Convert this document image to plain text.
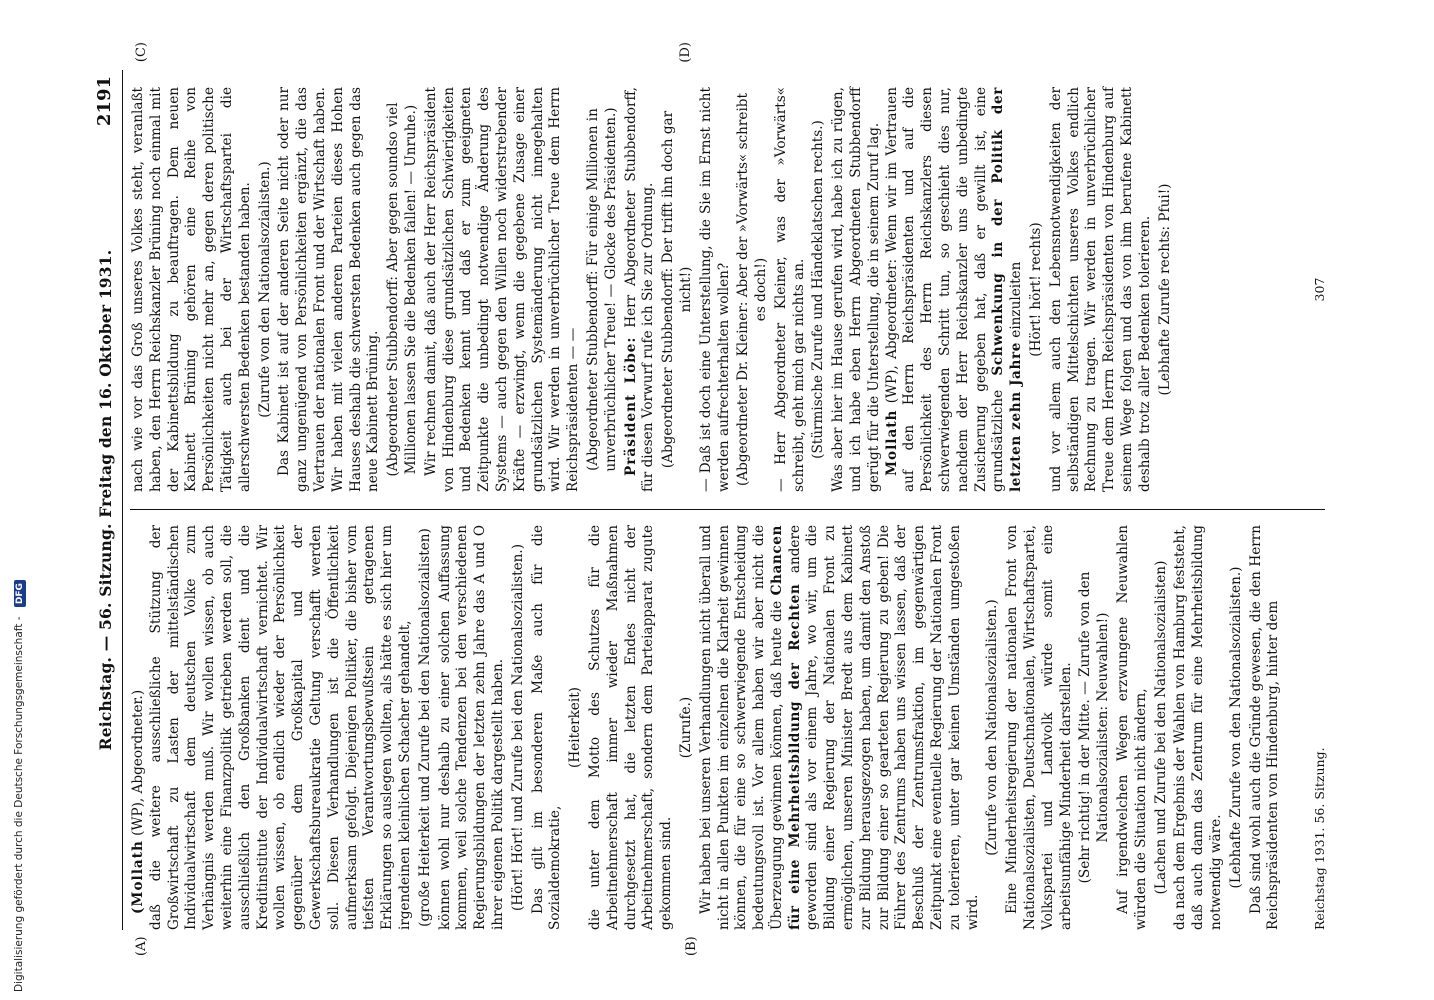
Reichstag. — 56. Sitzung. Freitag den 16. Oktober 1931.
2191
(A)	(B)
(C)	(D)

(Mollath (WP), Abgeordneter.) daß die weitere ausschließliche Stützung der Großwirtschaft zu Lasten der mittelständischen Individualwirtschaft dem deutschen Volke zum Verhängnis werden muß. Wir wollen wissen, ob auch weiterhin eine Finanzpolitik getrieben werden soll, die ausschließlich den Großbanken dient und die Kreditinstitute der Individualwirtschaft vernichtet. Wir wollen wissen, ob endlich wieder der Persönlichkeit gegenüber dem Großkapital und der Gewerkschaftsbureaukratie Geltung verschafft werden soll. Diesen Verhandlungen ist die Öffentlichkeit aufmerksam gefolgt. Diejenigen Politiker, die bisher vom tiefsten Verantwortungsbewußtsein getragenen Erklärungen so auslegen wollten, als hätte es sich hier um irgendeinen kleinlichen Schacher gehandelt, (große Heiterkeit und Zurufe bei den Nationalsozialisten) können wohl nur deshalb zu einer solchen Auffassung kommen, weil solche Tendenzen bei den verschiedenen Regierungsbildungen der letzten zehn Jahre das A und O ihrer eigenen Politik dargestellt haben. (Hört! Hört! und Zurufe bei den Nationalsozialisten.) Das gilt im besonderen Maße auch für die Sozialdemokratie,

(Heiterkeit) die unter dem Motto des Schutzes für die Arbeitnehmerschaft immer wieder Maßnahmen durchgesetzt hat, die letzten Endes nicht der Arbeitnehmerschaft, sondern dem Parteiapparat zugute gekommen sind.

(Zurufe.) Wir haben bei unseren Verhandlungen nicht überall und nicht in allen Punkten im einzelnen die Klarheit gewinnen können, die für eine so schwerwiegende Entscheidung bedeutungsvoll ist. Vor allem haben wir aber nicht die Überzeugung gewinnen können, daß heute die Chancen für eine Mehrheitsbildung der Rechten andere geworden sind als vor einem Jahre, wo wir, um die Bildung einer Regierung der Nationalen Front zu ermöglichen, unseren Minister Bredt aus dem Kabinett zur Bildung herausgezogen haben, um damit den Anstoß zur Bildung einer so gearteten Regierung zu geben! Die Führer des Zentrums haben uns wissen lassen, daß der Beschluß der Zentrumsfraktion, im gegenwärtigen Zeitpunkt eine eventuelle Regierung der Nationalen Front zu tolerieren, unter gar keinen Umständen umgestoßen wird.

(Zurufe von den Nationalsozialisten.) Eine Minderheitsregierung der nationalen Front von Nationalsozialisten, Deutschnationalen, Wirtschaftspartei, Volkspartei und Landvolk würde somit eine arbeitsunfähige Minderheit darstellen. (Sehr richtig! in der Mitte. — Zurufe von den Nationalsozialisten: Neuwahlen!) Auf irgendwelchen Wegen erzwungene Neuwahlen würden die Situation nicht ändern, (Lachen und Zurufe bei den Nationalsozialisten) da nach dem Ergebnis der Wahlen von Hamburg feststeht, daß auch dann das Zentrum für eine Mehrheitsbildung notwendig wäre. (Lebhafte Zurufe von den Nationalsozialisten.) Daß sind wohl auch die Gründe gewesen, die den Herrn Reichspräsidenten von Hindenburg, hinter dem

nach wie vor das Groß unseres Volkes steht, veranlaßt haben, den Herrn Reichskanzler Brüning noch einmal mit der Kabinettsbildung zu beauftragen. Dem neuen Kabinett Brüning gehören eine Reihe von Persönlichkeiten nicht mehr an, gegen deren politische Tätigkeit auch bei der Wirtschaftspartei die allerschwersten Bedenken bestanden haben. (Zurufe von den Nationalsozialisten.) Das Kabinett ist auf der anderen Seite nicht oder nur ganz ungenügend von Persönlichkeiten ergänzt, die das Vertrauen der nationalen Front und der Wirtschaft haben. Wir haben mit vielen anderen Parteien dieses Hohen Hauses deshalb die schwersten Bedenken auch gegen das neue Kabinett Brüning. (Abgeordneter Stubbendorff: Aber gegen soundso viel Millionen lassen Sie die Bedenken fallen! — Unruhe.) Wir rechnen damit, daß auch der Herr Reichspräsident von Hindenburg diese grundsätzlichen Schwierigkeiten und Bedenken kennt und daß er zum geeigneten Zeitpunkte die unbedingt notwendige Änderung des Systems — auch gegen den Willen noch widerstrebender Kräfte — erzwingt, wenn die gegebene Zusage einer grundsätzlichen Systemänderung nicht innegehalten wird. Wir werden in unverbrüchlicher Treue dem Herrn Reichspräsidenten — — (Abgeordneter Stubbendorff: Für einige Millionen in unverbrüchlicher Treue! — Glocke des Präsidenten.) Präsident Löbe: Herr Abgeordneter Stubbendorff, für diesen Vorwurf rufe ich Sie zur Ordnung. (Abgeordneter Stubbendorff: Der trifft ihn doch gar nicht!) — Daß ist doch eine Unterstellung, die Sie im Ernst nicht werden aufrechterhalten wollen? (Abgeordneter Dr. Kleiner: Aber der »Vorwärts« schreibt es doch!) — Herr Abgeordneter Kleiner, was der »Vorwärts« schreibt, geht mich gar nichts an. (Stürmische Zurufe und Händeklatschen rechts.) Was aber hier im Hause gerufen wird, habe ich zu rügen, und ich habe eben Herrn Abgeordneten Stubbendorff gerügt für die Unterstellung, die in seinem Zuruf lag. Mollath (WP), Abgeordneter: Wenn wir im Vertrauen auf den Herrn Reichspräsidenten und auf die Persönlichkeit des Herrn Reichskanzlers diesen schwerwiegenden Schritt tun, so geschieht dies nur, nachdem der Herr Reichskanzler uns die unbedingte Zusicherung gegeben hat, daß er gewillt ist, eine grundsätzliche Schwenkung in der Politik der letzten zehn Jahre einzuleiten (Hört! hört! rechts) und vor allem auch den Lebensnotwendigkeiten der selbständigen Mittelschichten unseres Volkes endlich Rechnung zu tragen. Wir werden in unverbrüchlicher Treue dem Herrn Reichspräsidenten von Hindenburg auf seinem Wege folgen und das von ihm berufene Kabinett deshalb trotz aller Bedenken tolerieren. (Lebhafte Zurufe rechts: Pfui!)

Reichstag 1931. 56. Sitzung.
307
Digitalisierung gefördert durch die Deutsche Forschungsgemeinschaft - DFG
